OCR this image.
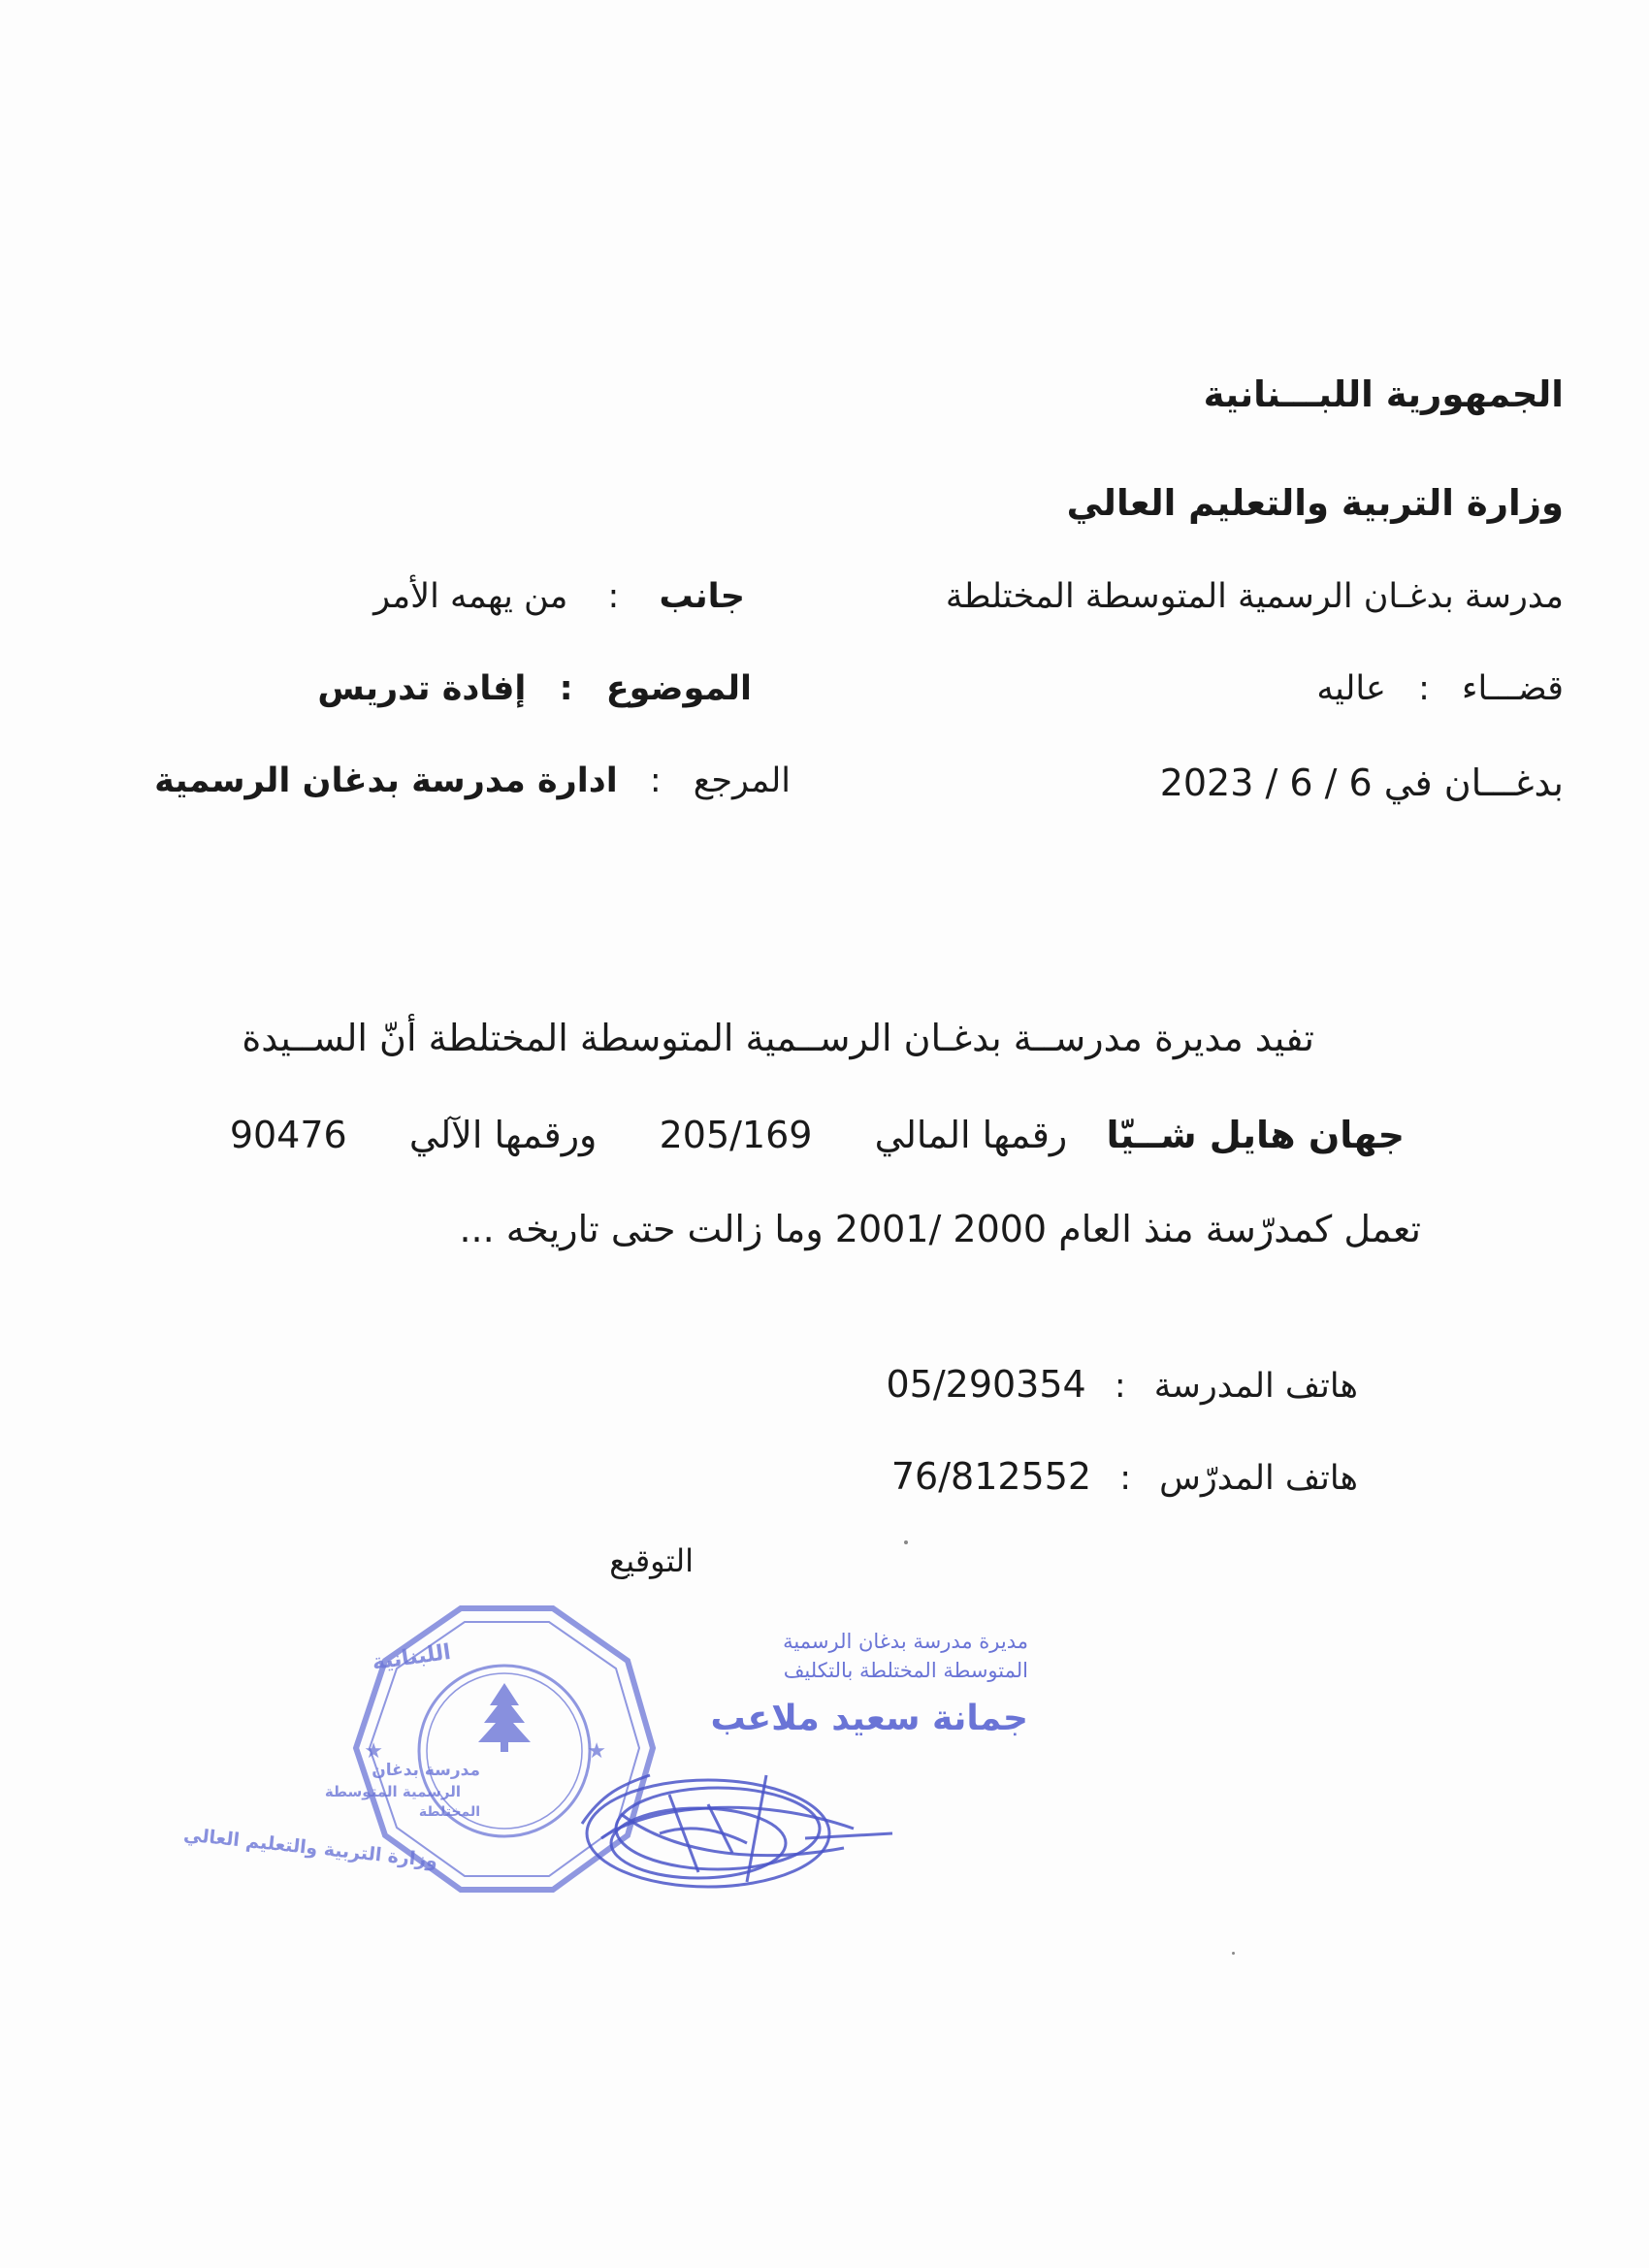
الجمهورية اللبـــنانية
وزارة التربية والتعليم العالي
مدرسة بدغـان الرسمية المتوسطة المختلطة
قضـــاء : عاليه
بدغـــان في 6 / 6 / 2023
جانب : من يهمه الأمر
الموضوع : إفادة تدريس
المرجع : ادارة مدرسة بدغان الرسمية
تفيد مديرة مدرســة بدغـان الرســمية المتوسطة المختلطة أنّ الســيدة
جهان هايل شــيّا  رقمها المالي  205/169  ورقمها الآلي  90476
تعمل كمدرّسة منذ العام 2000 /2001 وما زالت حتى تاريخه ...
هاتف المدرسة : 05/290354
هاتف المدرّس : 76/812552
التوقيع
★	★
اللبنانية
وزارة التربية والتعليم العالي
مدرسة بدغان
الرسمية المتوسطة
المختلطة
مديرة مدرسة بدغان الرسمية
المتوسطة المختلطة بالتكليف
جمانة سعيد ملاعب
